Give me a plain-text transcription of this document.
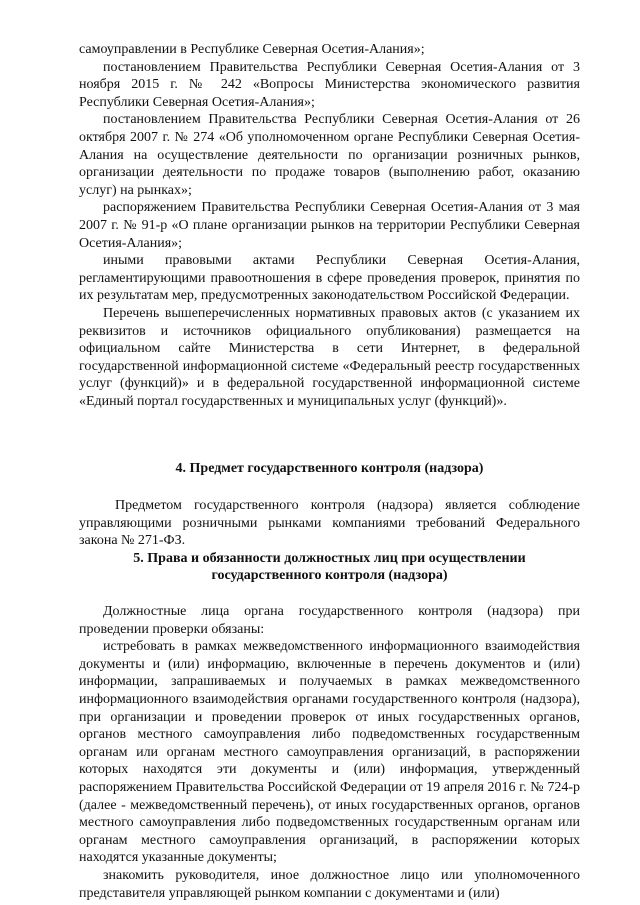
самоуправлении в Республике Северная Осетия-Алания»;

постановлением Правительства Республики Северная Осетия-Алания от 3 ноября 2015 г. № 242 «Вопросы Министерства экономического развития Республики Северная Осетия-Алания»;

постановлением Правительства Республики Северная Осетия-Алания от 26 октября 2007 г. № 274 «Об уполномоченном органе Республики Северная Осетия-Алания на осуществление деятельности по организации розничных рынков, организации деятельности по продаже товаров (выполнению работ, оказанию услуг) на рынках»;

распоряжением Правительства Республики Северная Осетия-Алания от 3 мая 2007 г. № 91-р «О плане организации рынков на территории Республики Северная Осетия-Алания»;

иными правовыми актами Республики Северная Осетия-Алания, регламентирующими правоотношения в сфере проведения проверок, принятия по их результатам мер, предусмотренных законодательством Российской Федерации.

Перечень вышеперечисленных нормативных правовых актов (с указанием их реквизитов и источников официального опубликования) размещается на официальном сайте Министерства в сети Интернет, в федеральной государственной информационной системе «Федеральный реестр государственных услуг (функций)» и в федеральной государственной информационной системе «Единый портал государственных и муниципальных услуг (функций)».

4. Предмет государственного контроля (надзора)

Предметом государственного контроля (надзора) является соблюдение управляющими розничными рынками компаниями требований Федерального закона № 271-ФЗ.

5. Права и обязанности должностных лиц при осуществлении
государственного контроля (надзора)

Должностные лица органа государственного контроля (надзора) при проведении проверки обязаны:

истребовать в рамках межведомственного информационного взаимодействия документы и (или) информацию, включенные в перечень документов и (или) информации, запрашиваемых и получаемых в рамках межведомственного информационного взаимодействия органами государственного контроля (надзора), при организации и проведении проверок от иных государственных органов, органов местного самоуправления либо подведомственных государственным органам или органам местного самоуправления организаций, в распоряжении которых находятся эти документы и (или) информация, утвержденный распоряжением Правительства Российской Федерации от 19 апреля 2016 г. № 724-р (далее - межведомственный перечень), от иных государственных органов, органов местного самоуправления либо подведомственных государственным органам или органам местного самоуправления организаций, в распоряжении которых находятся указанные документы;

знакомить руководителя, иное должностное лицо или уполномоченного представителя управляющей рынком компании с документами и (или)
